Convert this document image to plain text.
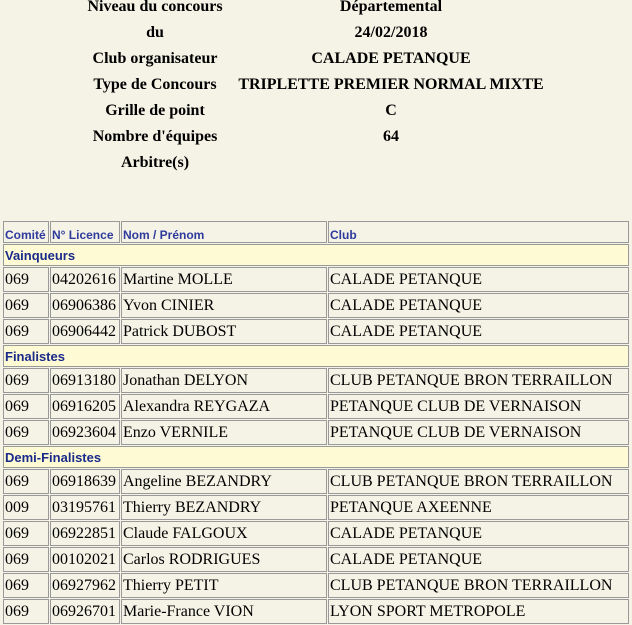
Niveau du concours	Départemental
du	24/02/2018
Club organisateur	CALADE PETANQUE
Type de Concours TRIPLETTE PREMIER NORMAL MIXTE
Grille de point	C
Nombre d'équipes	64
Arbitre(s)
Comité	N° Licence	Nom / Prénom	Club
Vainqueurs			
069	04202616	Martine MOLLE	CALADE PETANQUE
069	06906386	Yvon CINIER	CALADE PETANQUE
069	06906442	Patrick DUBOST	CALADE PETANQUE
Finalistes			
069	06913180	Jonathan DELYON	CLUB PETANQUE BRON TERRAILLON
069	06916205	Alexandra REYGAZA	PETANQUE CLUB DE VERNAISON
069	06923604	Enzo VERNILE	PETANQUE CLUB DE VERNAISON
Demi-Finalistes			
069	06918639	Angeline BEZANDRY	CLUB PETANQUE BRON TERRAILLON
009	03195761	Thierry BEZANDRY	PETANQUE AXEENNE
069	06922851	Claude FALGOUX	CALADE PETANQUE
069	00102021	Carlos RODRIGUES	CALADE PETANQUE
069	06927962	Thierry PETIT	CLUB PETANQUE BRON TERRAILLON
069	06926701	Marie-France VION	LYON SPORT METROPOLE
